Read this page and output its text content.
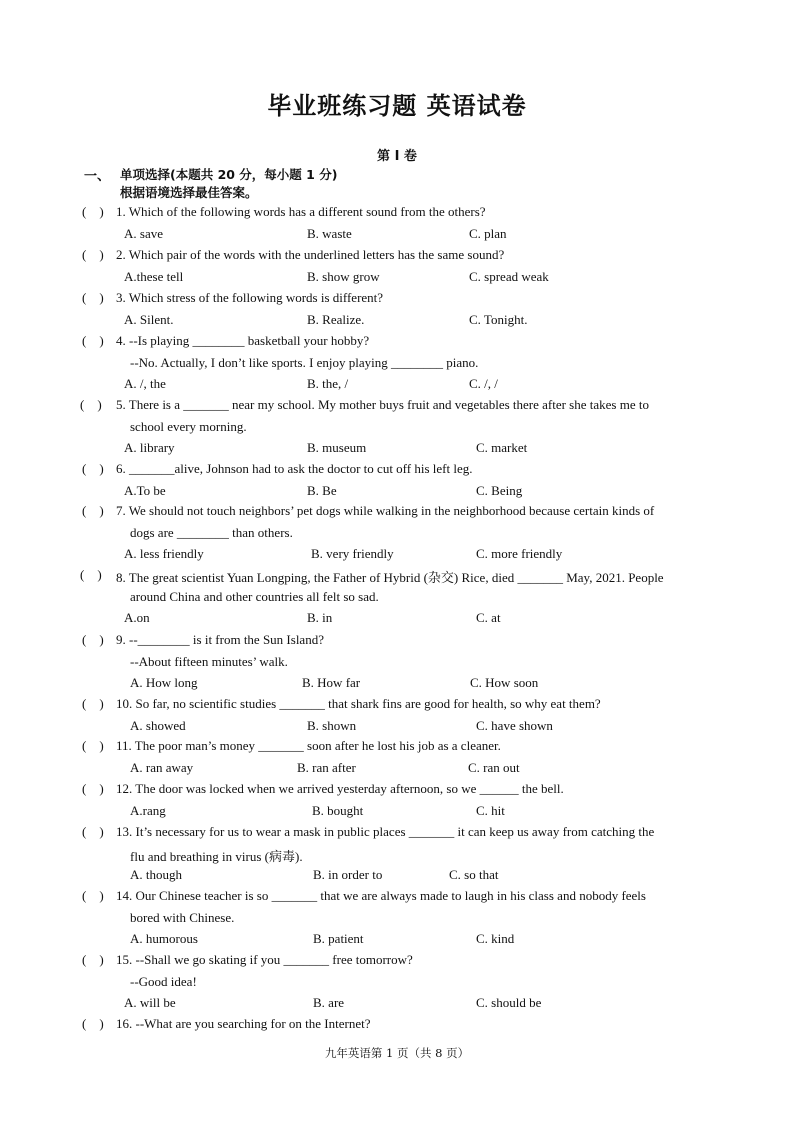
毕业班练习题 英语试卷
第 I 卷
一、 单项选择(本题共 20 分，每小题 1 分)
根据语境选择最佳答案。
(    ) 1. Which of the following words has a different sound from the others?
A. save	B. waste	C. plan
(    ) 2. Which pair of the words with the underlined letters has the same sound?
A.these tell	B. show grow	C. spread weak
(    ) 3. Which stress of the following words is different?
A. Silent.	B. Realize.	C. Tonight.
(    ) 4. --Is playing ________ basketball your hobby?
--No. Actually, I don’t like sports. I enjoy playing ________ piano.
A. /, the	B. the, /	C. /, /
(    ) 5. There is a _______ near my school. My mother buys fruit and vegetables there after she takes me to
school every morning.
A. library	B. museum	C. market
(    ) 6. _______alive, Johnson had to ask the doctor to cut off his left leg.
A.To be	B. Be	C. Being
(    ) 7. We should not touch neighbors’ pet dogs while walking in the neighborhood because certain kinds of
dogs are ________ than others.
A. less friendly	B. very friendly	C. more friendly
(    ) 8. The great scientist Yuan Longping, the Father of Hybrid (杂交) Rice, died _______ May, 2021. People
around China and other countries all felt so sad.
A.on	B. in	C. at
(    ) 9. --________ is it from the Sun Island?
--About fifteen minutes’ walk.
A. How long	B. How far	C. How soon
(    ) 10. So far, no scientific studies _______ that shark fins are good for health, so why eat them?
A. showed	B. shown	C. have shown
(    ) 11. The poor man’s money _______ soon after he lost his job as a cleaner.
A. ran away	B. ran after	C. ran out
(    ) 12. The door was locked when we arrived yesterday afternoon, so we ______ the bell.
A.rang	B. bought	C. hit
(    ) 13. It’s necessary for us to wear a mask in public places _______ it can keep us away from catching the
flu and breathing in virus (病毒).
A. though	B. in order to	C. so that
(    ) 14. Our Chinese teacher is so _______ that we are always made to laugh in his class and nobody feels
bored with Chinese.
A. humorous	B. patient	C. kind
(    ) 15. --Shall we go skating if you _______ free tomorrow?
--Good idea!
A. will be	B. are	C. should be
(    ) 16. --What are you searching for on the Internet?
九年英语第 1 页（共 8 页）
